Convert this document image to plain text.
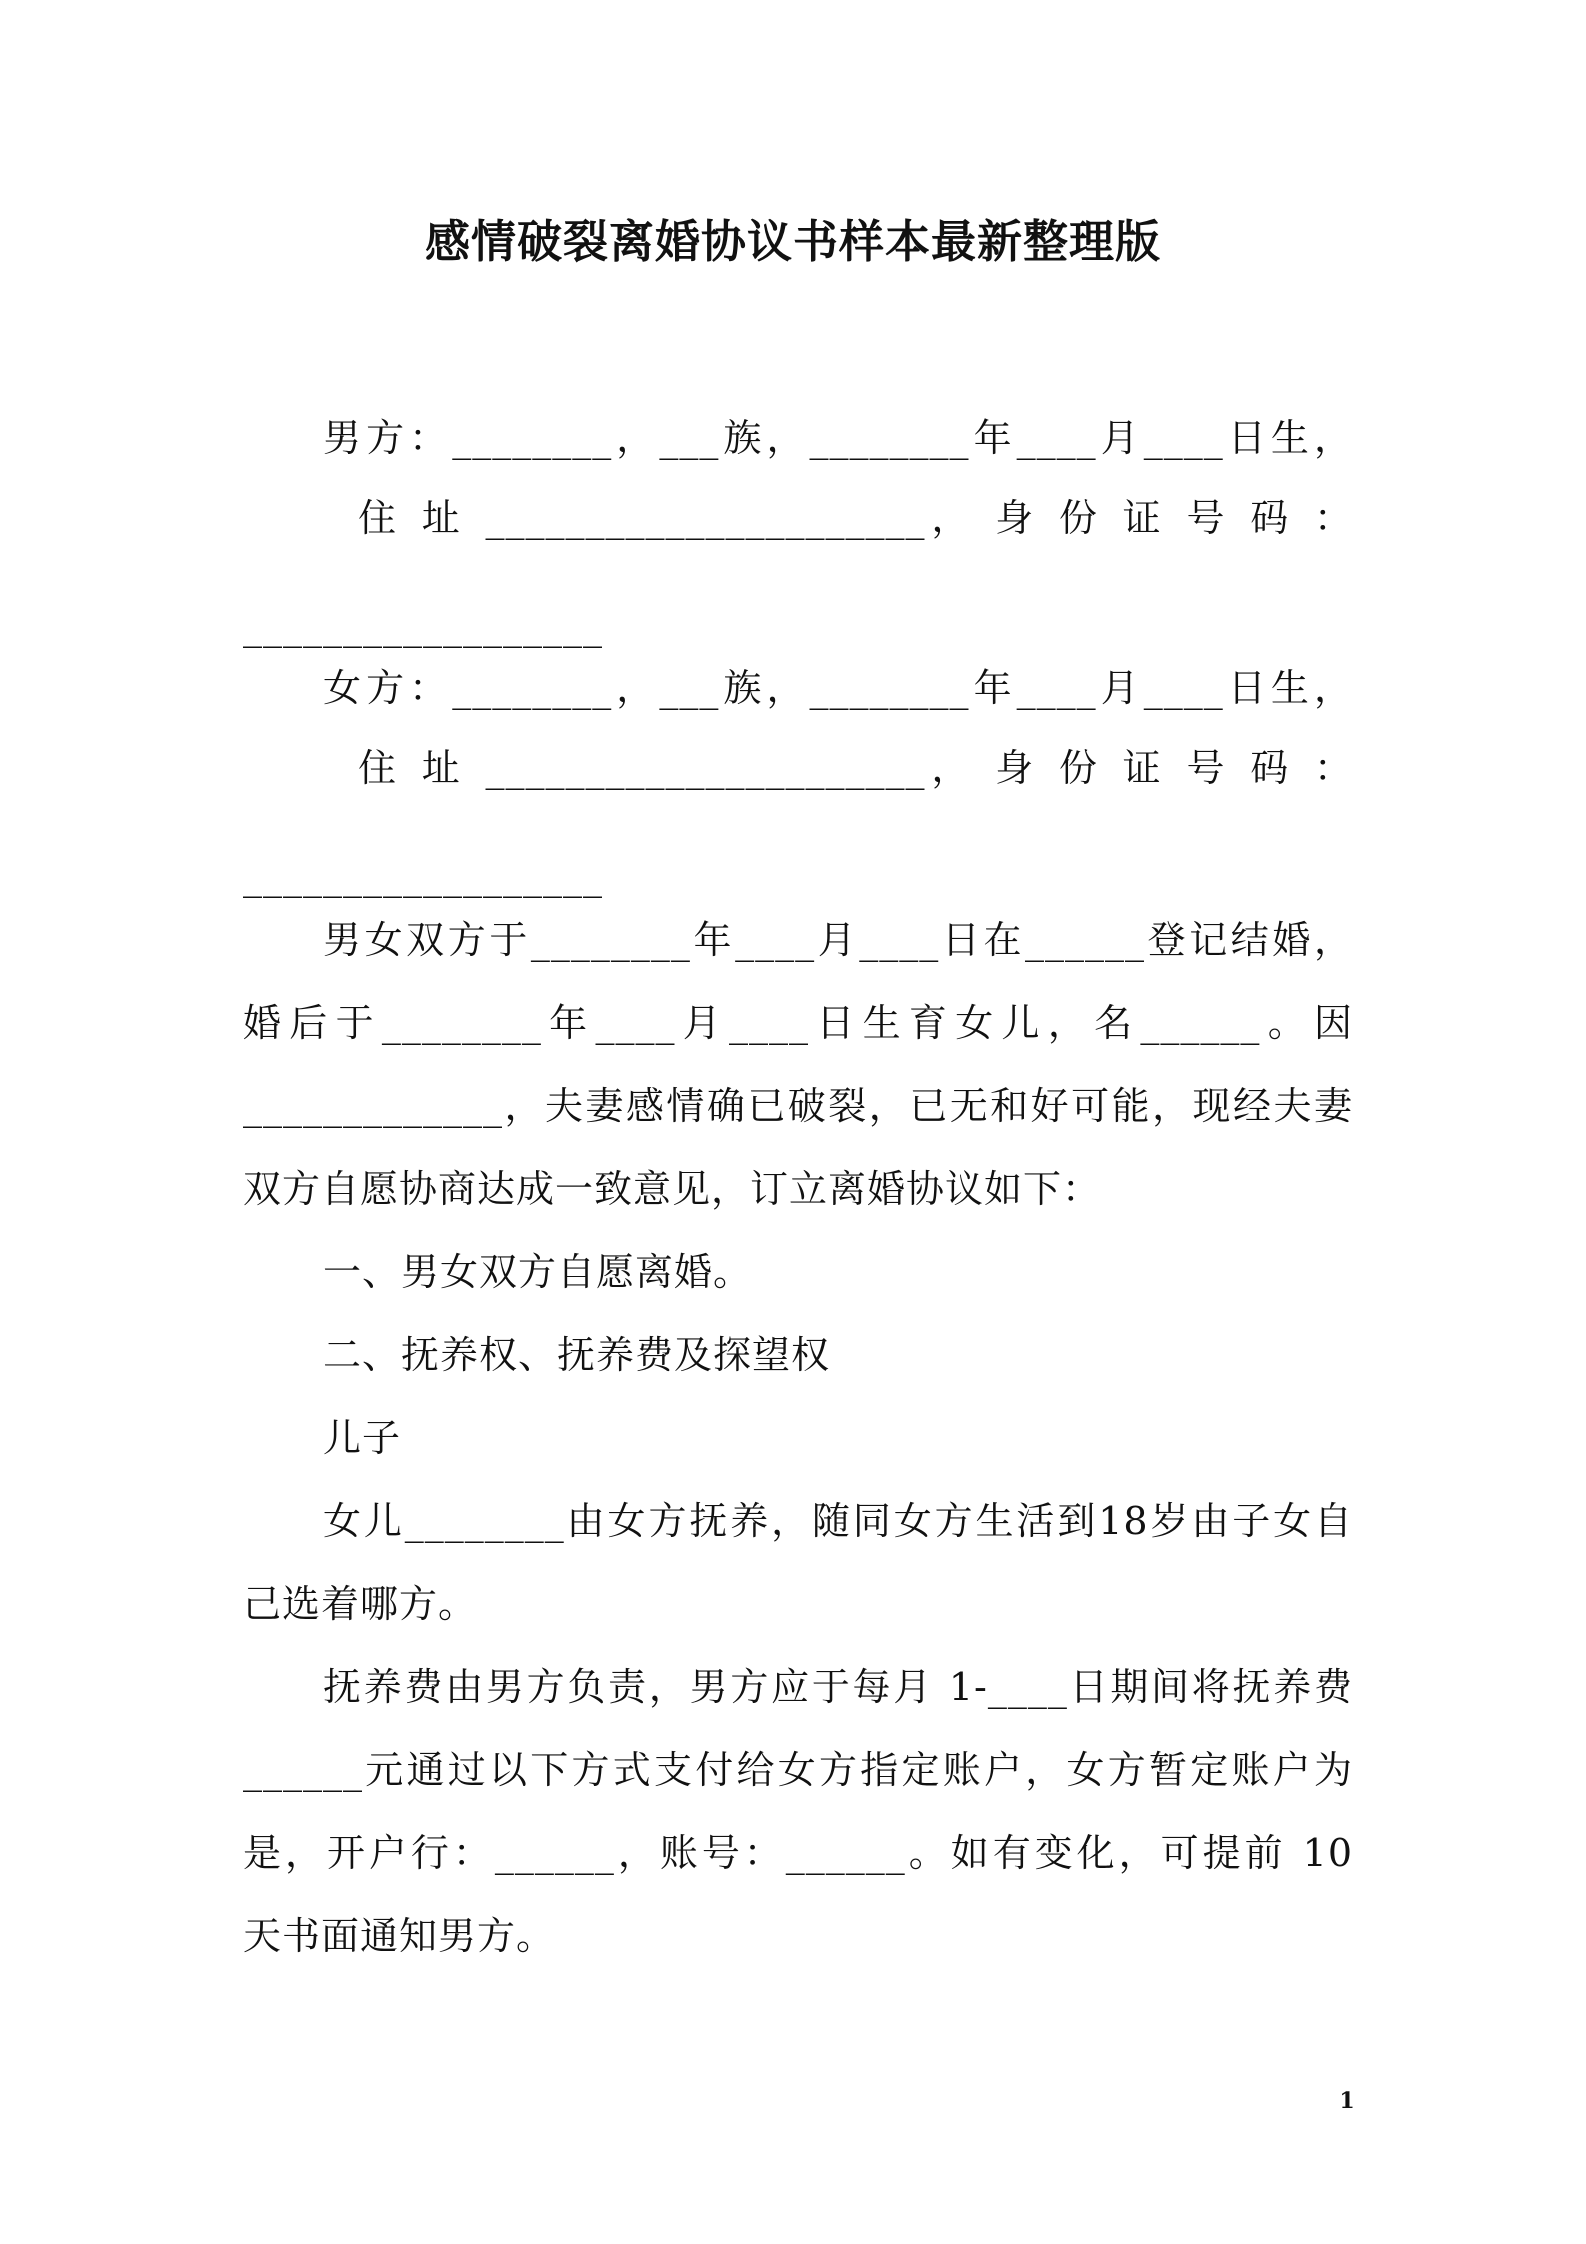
感情破裂离婚协议书样本最新整理版
男方：________，___族，________年____月____日生，
住 址 ______________________， 身 份 证 号 码 ：
__________________
女方：________，___族，________年____月____日生，
住 址 ______________________， 身 份 证 号 码 ：
__________________
男女双方于________年____月____日在______登记结婚，
婚后于________年____月____日生育女儿，名______。因
_____________，夫妻感情确已破裂，已无和好可能，现经夫妻
双方自愿协商达成一致意见，订立离婚协议如下：
一、男女双方自愿离婚。
二、抚养权、抚养费及探望权
儿子
女儿________由女方抚养，随同女方生活到18岁由子女自
己选着哪方。
抚养费由男方负责，男方应于每月 1-____日期间将抚养费
______元通过以下方式支付给女方指定账户，女方暂定账户为
是，开户行：______，账号：______。如有变化，可提前 10
天书面通知男方。
1
